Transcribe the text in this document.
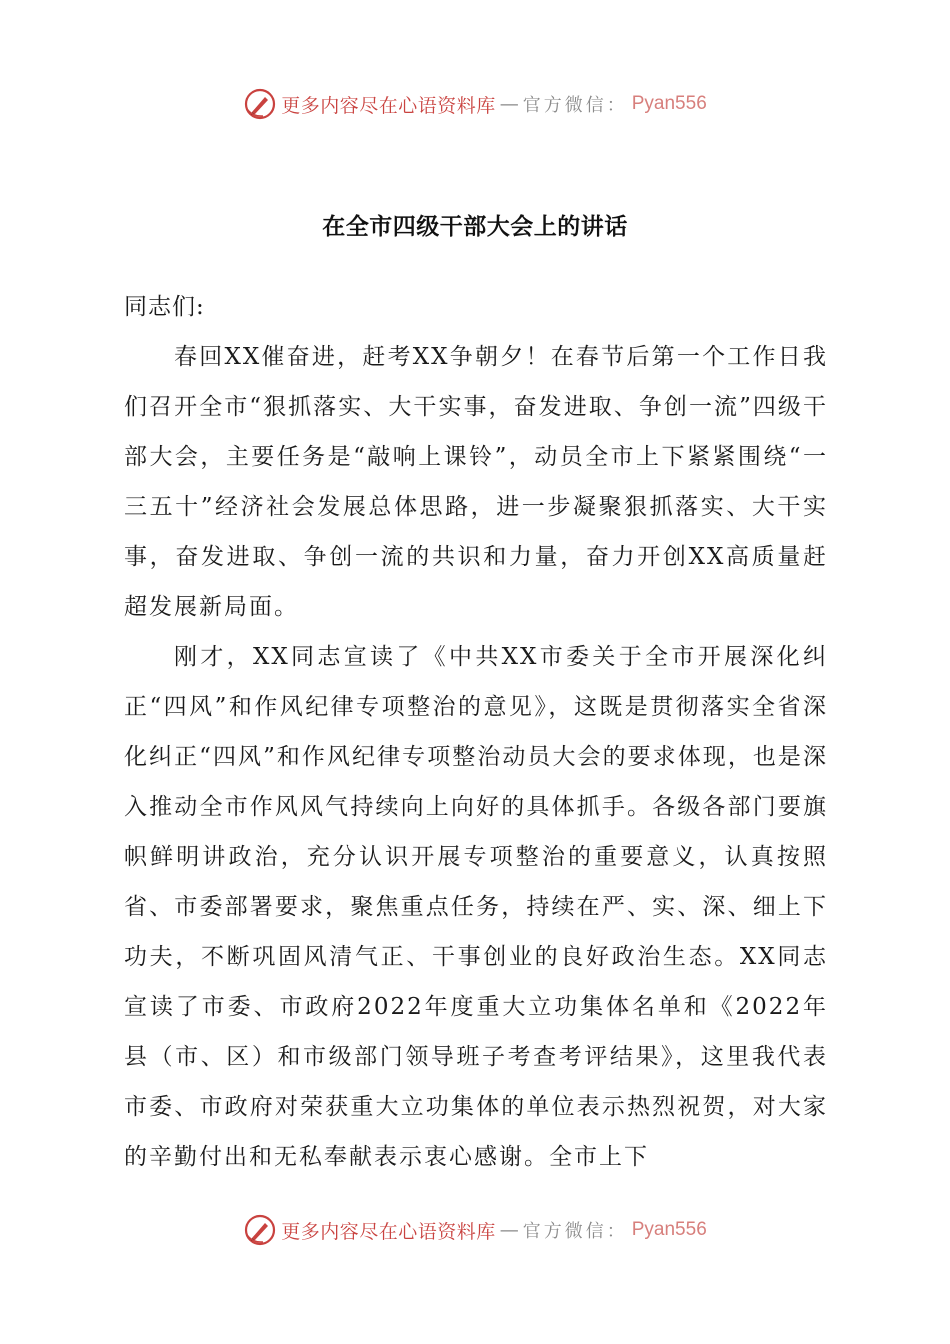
更多内容尽在心语资料库 — 官方微信： Pyan556
在全市四级干部大会上的讲话

同志们:

春回XX催奋进，赶考XX争朝夕！在春节后第一个工作日我们召开全市“狠抓落实、大干实事，奋发进取、争创一流”四级干部大会，主要任务是“敲响上课铃”，动员全市上下紧紧围绕“一三五十”经济社会发展总体思路，进一步凝聚狠抓落实、大干实事，奋发进取、争创一流的共识和力量，奋力开创XX高质量赶超发展新局面。

刚才，XX同志宣读了《中共XX市委关于全市开展深化纠正“四风”和作风纪律专项整治的意见》，这既是贯彻落实全省深化纠正“四风”和作风纪律专项整治动员大会的要求体现，也是深入推动全市作风风气持续向上向好的具体抓手。各级各部门要旗帜鲜明讲政治，充分认识开展专项整治的重要意义，认真按照省、市委部署要求，聚焦重点任务，持续在严、实、深、细上下功夫，不断巩固风清气正、干事创业的良好政治生态。XX同志宣读了市委、市政府2022年度重大立功集体名单和《2022年县（市、区）和市级部门领导班子考查考评结果》，这里我代表市委、市政府对荣获重大立功集体的单位表示热烈祝贺，对大家的辛勤付出和无私奉献表示衷心感谢。全市上下

更多内容尽在心语资料库 — 官方微信： Pyan556
